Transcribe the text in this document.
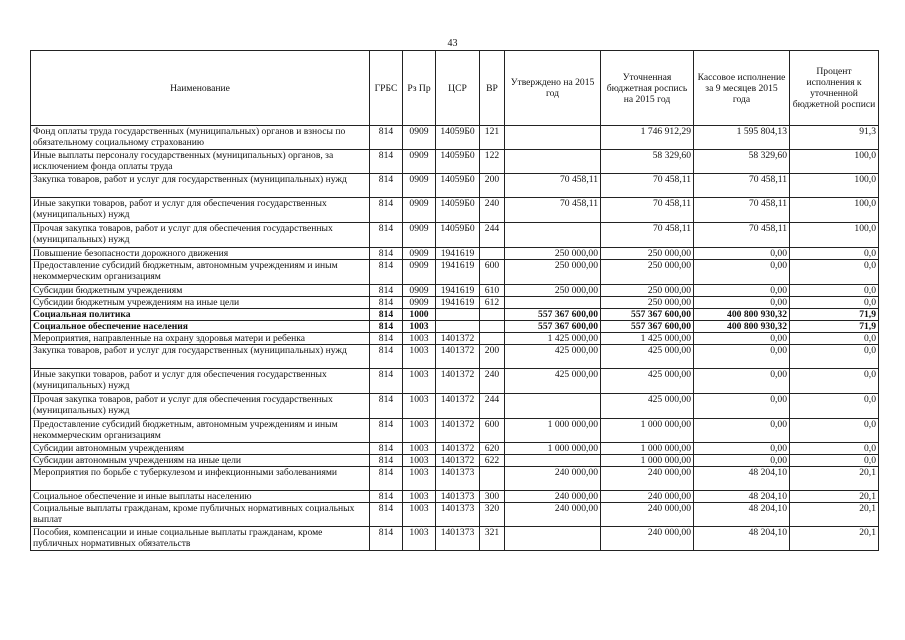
43
Наименование	ГРБС	Рз Пр	ЦСР	ВР	Утверждено на 2015 год	Уточненная бюджетная роспись на 2015 год	Кассовое исполнение за 9 месяцев 2015 года	Процент исполнения к уточненной бюджетной росписи
Фонд оплаты труда государственных (муниципальных) органов и взносы по обязательному социальному страхованию	814	0909	14059Б0	121		1 746 912,29	1 595 804,13	91,3
Иные выплаты персоналу государственных (муниципальных) органов, за исключением фонда оплаты труда	814	0909	14059Б0	122		58 329,60	58 329,60	100,0
Закупка товаров, работ и услуг для государственных (муниципальных) нужд	814	0909	14059Б0	200	70 458,11	70 458,11	70 458,11	100,0
Иные закупки товаров, работ и услуг для обеспечения государственных (муниципальных) нужд	814	0909	14059Б0	240	70 458,11	70 458,11	70 458,11	100,0
Прочая закупка товаров, работ и услуг для обеспечения государственных (муниципальных) нужд	814	0909	14059Б0	244		70 458,11	70 458,11	100,0
Повышение безопасности дорожного движения	814	0909	1941619		250 000,00	250 000,00	0,00	0,0
Предоставление субсидий бюджетным, автономным учреждениям и иным некоммерческим организациям	814	0909	1941619	600	250 000,00	250 000,00	0,00	0,0
Субсидии бюджетным учреждениям	814	0909	1941619	610	250 000,00	250 000,00	0,00	0,0
Субсидии бюджетным учреждениям на иные цели	814	0909	1941619	612		250 000,00	0,00	0,0
Социальная политика	814	1000			557 367 600,00	557 367 600,00	400 800 930,32	71,9
Социальное обеспечение населения	814	1003			557 367 600,00	557 367 600,00	400 800 930,32	71,9
Мероприятия, направленные на охрану здоровья матери и ребенка	814	1003	1401372		1 425 000,00	1 425 000,00	0,00	0,0
Закупка товаров, работ и услуг для государственных (муниципальных) нужд	814	1003	1401372	200	425 000,00	425 000,00	0,00	0,0
Иные закупки товаров, работ и услуг для обеспечения государственных (муниципальных) нужд	814	1003	1401372	240	425 000,00	425 000,00	0,00	0,0
Прочая закупка товаров, работ и услуг для обеспечения государственных (муниципальных) нужд	814	1003	1401372	244		425 000,00	0,00	0,0
Предоставление субсидий бюджетным, автономным учреждениям и иным некоммерческим организациям	814	1003	1401372	600	1 000 000,00	1 000 000,00	0,00	0,0
Субсидии автономным учреждениям	814	1003	1401372	620	1 000 000,00	1 000 000,00	0,00	0,0
Субсидии автономным учреждениям на иные цели	814	1003	1401372	622		1 000 000,00	0,00	0,0
Мероприятия по борьбе с туберкулезом и инфекционными заболеваниями	814	1003	1401373		240 000,00	240 000,00	48 204,10	20,1
Социальное обеспечение и иные выплаты населению	814	1003	1401373	300	240 000,00	240 000,00	48 204,10	20,1
Социальные выплаты гражданам, кроме публичных нормативных социальных выплат	814	1003	1401373	320	240 000,00	240 000,00	48 204,10	20,1
Пособия, компенсации и иные социальные выплаты гражданам, кроме публичных нормативных обязательств	814	1003	1401373	321		240 000,00	48 204,10	20,1
